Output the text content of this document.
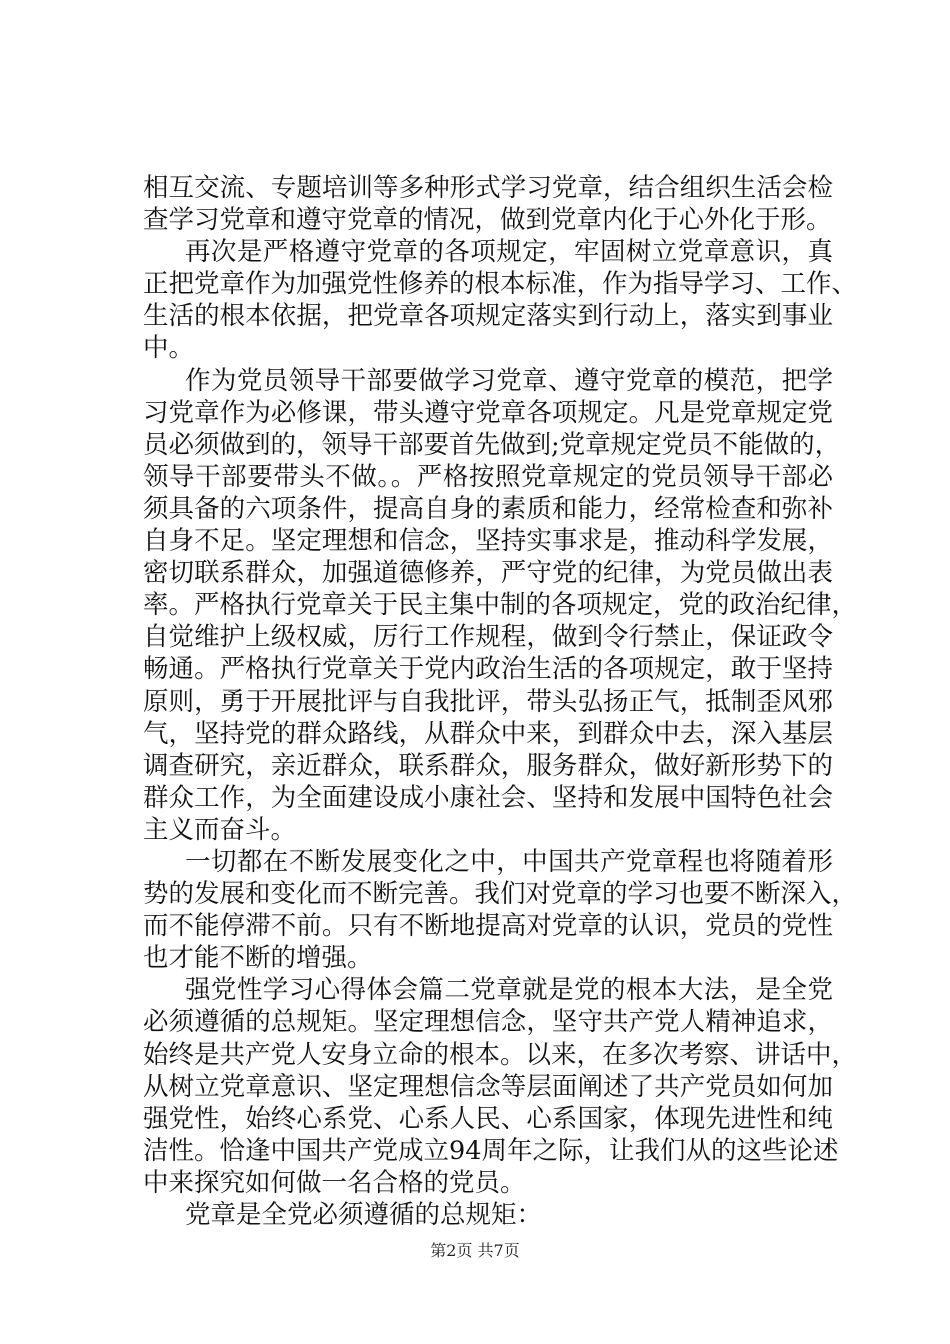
相互交流、专题培训等多种形式学习党章，结合组织生活会检
查学习党章和遵守党章的情况，做到党章内化于心外化于形。
再次是严格遵守党章的各项规定，牢固树立党章意识，真
正把党章作为加强党性修养的根本标准，作为指导学习、工作、
生活的根本依据，把党章各项规定落实到行动上，落实到事业
中。
作为党员领导干部要做学习党章、遵守党章的模范，把学
习党章作为必修课，带头遵守党章各项规定。凡是党章规定党
员必须做到的，领导干部要首先做到;党章规定党员不能做的，
领导干部要带头不做。。严格按照党章规定的党员领导干部必
须具备的六项条件，提高自身的素质和能力，经常检查和弥补
自身不足。坚定理想和信念，坚持实事求是，推动科学发展，
密切联系群众，加强道德修养，严守党的纪律，为党员做出表
率。严格执行党章关于民主集中制的各项规定，党的政治纪律，
自觉维护上级权威，厉行工作规程，做到令行禁止，保证政令
畅通。严格执行党章关于党内政治生活的各项规定，敢于坚持
原则，勇于开展批评与自我批评，带头弘扬正气，抵制歪风邪
气，坚持党的群众路线，从群众中来，到群众中去，深入基层
调查研究，亲近群众，联系群众，服务群众，做好新形势下的
群众工作，为全面建设成小康社会、坚持和发展中国特色社会
主义而奋斗。
一切都在不断发展变化之中，中国共产党章程也将随着形
势的发展和变化而不断完善。我们对党章的学习也要不断深入，
而不能停滞不前。只有不断地提高对党章的认识，党员的党性
也才能不断的增强。
强党性学习心得体会篇二党章就是党的根本大法，是全党
必须遵循的总规矩。坚定理想信念，坚守共产党人精神追求，
始终是共产党人安身立命的根本。以来，在多次考察、讲话中，
从树立党章意识、坚定理想信念等层面阐述了共产党员如何加
强党性，始终心系党、心系人民、心系国家，体现先进性和纯
洁性。恰逢中国共产党成立94周年之际，让我们从的这些论述
中来探究如何做一名合格的党员。
党章是全党必须遵循的总规矩：
第2页 共7页
